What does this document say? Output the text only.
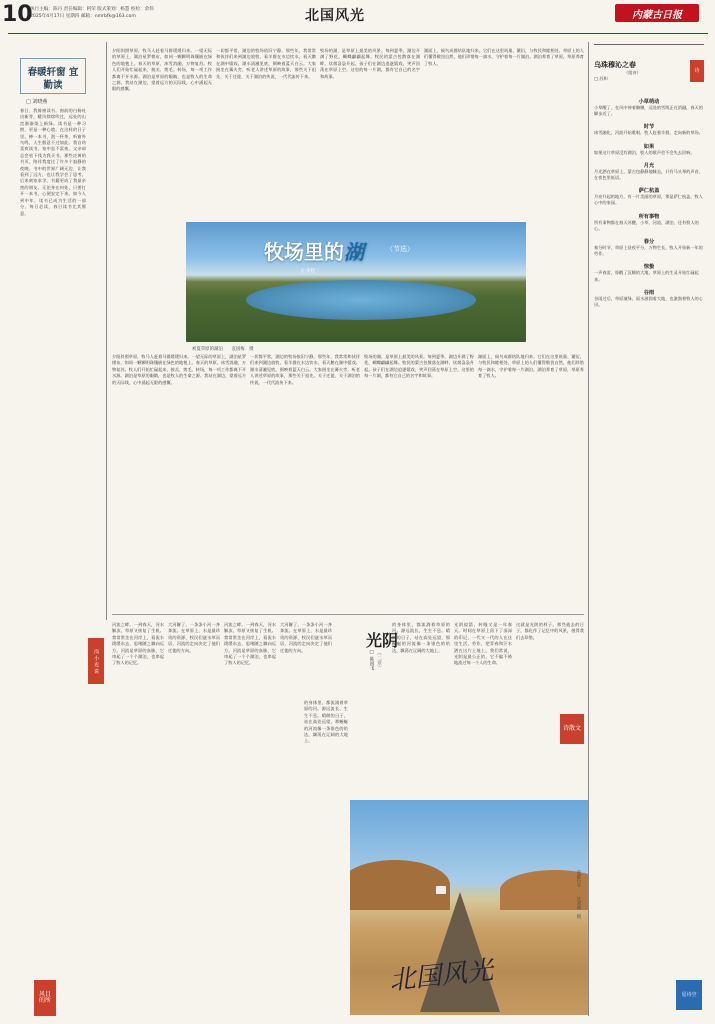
10
执行主编：陈丹 责任编辑：阿荣 版式策划：杨慧 校检：余伟
2025年4月17日 星期四 邮箱：nmrbfk@163.com	北国风光	内蒙古日报
春暖轩窗 宜勤读
□ 刘晓燕
春日，我倚窗读书。窗前的白杨吐出新芽，暖风徐徐吹过，远处的山峦渐渐染上新绿。读书是一种习惯，更是一种心境。在这样的日子里，捧一本书，泡一杯茶，听窗外鸟鸣，人生惬意不过如此。我自幼喜欢读书，家中虽不富裕，父亲却总会省下钱为我买书。那些泛黄的书页，陪伴我度过了许多个寂静的夜晚。书中的世界广阔无边，让我看到了远方，也让我学会了思考。后来离家求学，书籍更成了我最亲密的朋友。无论身在何处，只要打开一本书，心便安定下来。如今人到中年，读书已成为生活的一部分，每日必读，春日读书尤其惬意。
岗 小 光 说
风目
的所
夕阳斜照草原，牧马人赶着马群缓缓归来。一望无际的草原上，湖泊星罗棋布，如同一颗颗明珠镶嵌在绿色的地毯上。春天的草原，冰雪消融，万物复苏。牧人们开始忙碌起来，接羔、剪毛、转场，每一项工作都离不开水源。湖泊是草原的眼睛，也是牧人的生命之源。我站在湖边，望着远方的天际线，心中涌起无限的感慨。
一切都平常，湖边的牧场依旧宁静。那些年，我常常和伙伴们来到湖边放牧，看羊群在水边饮水，看天鹅在湖中嬉戏。湖水清澈见底，倒映着蓝天白云。大家围坐在篝火旁，听老人讲述草原的故事，那些关于祖先、关于迁徙、关于湖泊的传说，一代代流传下来。
牧场的湖，是草原上最美的风景。每到夏季，湖边开满了野花，蝴蝶翩翩起舞。牧民的蒙古包散落在湖畔，炊烟袅袅升起。孩子们在湖边追逐嬉戏，笑声回荡在草原上空。这里的每一片湖，都有它自己的名字和故事。
湖面上，候鸟成群结队地归来。它们在这里筑巢、繁衍，与牧民和睦相处。草原上的人们懂得敬畏自然，他们珍惜每一滴水，守护着每一片湖泊。湖泊养育了草原，草原养育了牧人。
牧场里的湖	（节选）
文·李程
初夏草原的湖泊　　袁国梅　摄
夕阳斜照草原，牧马人赶着马群缓缓归来。一望无际的草原上，湖泊星罗棋布，如同一颗颗明珠镶嵌在绿色的地毯上。春天的草原，冰雪消融，万物复苏。牧人们开始忙碌起来，接羔、剪毛、转场，每一项工作都离不开水源。湖泊是草原的眼睛，也是牧人的生命之源。我站在湖边，望着远方的天际线，心中涌起无限的感慨。
一切都平常，湖边的牧场依旧宁静。那些年，我常常和伙伴们来到湖边放牧，看羊群在水边饮水，看天鹅在湖中嬉戏。湖水清澈见底，倒映着蓝天白云。大家围坐在篝火旁，听老人讲述草原的故事，那些关于祖先、关于迁徙、关于湖泊的传说，一代代流传下来。
牧场的湖，是草原上最美的风景。每到夏季，湖边开满了野花，蝴蝶翩翩起舞。牧民的蒙古包散落在湖畔，炊烟袅袅升起。孩子们在湖边追逐嬉戏，笑声回荡在草原上空。这里的每一片湖，都有它自己的名字和故事。
湖面上，候鸟成群结队地归来。它们在这里筑巢、繁衍，与牧民和睦相处。草原上的人们懂得敬畏自然，他们珍惜每一滴水，守护着每一片湖泊。湖泊养育了草原，草原养育了牧人。
河流之畔。一到春天，河水解冻，草原又恢复了生机。我常常坐在河岸上，看流水缓缓东去，思绪随之飘向远方。河流是草原的血脉，它串起了一个个湖泊，也串起了牧人的记忆。
大河解了，一条条小河一齐奔流。在草原上，水是最珍贵的资源，牧民们逐水草而居，河流的走向决定了他们迁徙的方向。
河流之畔。一到春天，河水解冻，草原又恢复了生机。我常常坐在河岸上，看流水缓缓东去，思绪随之飘向远方。河流是草原的血脉，它串起了一个个湖泊，也串起了牧人的记忆。
大河解了，一条条小河一齐奔流。在草原上，水是最珍贵的资源，牧民们逐水草而居，河流的走向决定了他们迁徙的方向。
的身体里，都流淌着草原的河。源远流长，生生不息。晴朗的日子，站在高处远望，那蜿蜒的河流像一条银色的哈达，飘荡在辽阔的大地上。
光阴
（二章）
□ 陈国飞
的身体里，都流淌着草原的河。源远流长，生生不息。晴朗的日子，站在高处远望，那蜿蜒的河流像一条银色的哈达，飘荡在辽阔的大地上。
光阴似箭，转眼又是一年春天。时间在草原上留下了深深的印记，一代又一代的人在这里生活、劳作，把青春和汗水洒在这片土地上。我们常说，光阴是最公正的，它不偏不倚地流过每一个人的生命。
这就是光阴的样子。那些逝去的日子，都化作了记忆中的风景，值得我们去珍惜。
诗散文
驼群行车　　许双福　摄
北国风光
乌珠穆沁之春
（组诗）
□ 苏和
小草萌动
小草醒了，在风中伸着懒腰，远处的雪线正在消融，春天的脚步近了。
时节
冰雪融化，河流开始歌唱，牧人赶着羊群，走向新的草场。
如果
如果这片草原没有湖泊，牧人的歌声会不会失去回响。
月光
月光洒在草原上，蒙古包静静地睡去，只有马头琴的声音，在夜色里低语。
萨仁杭盖
月亮升起的地方，有一片美丽的草原，那是萨仁杭盖，牧人心中的家园。
所有事物
所有事物都在春天苏醒，小草、河流、湖泊，还有牧人的心。
春分
春分时节，草原上昼夜平分，万物生长，牧人开始新一年的劳作。
惊蛰
一声春雷，惊醒了沉睡的大地，草原上的生灵开始忙碌起来。
谷雨
谷雨过后，草原渐绿，雨水滋润着大地，也滋润着牧人的心田。
诗
星诗空
